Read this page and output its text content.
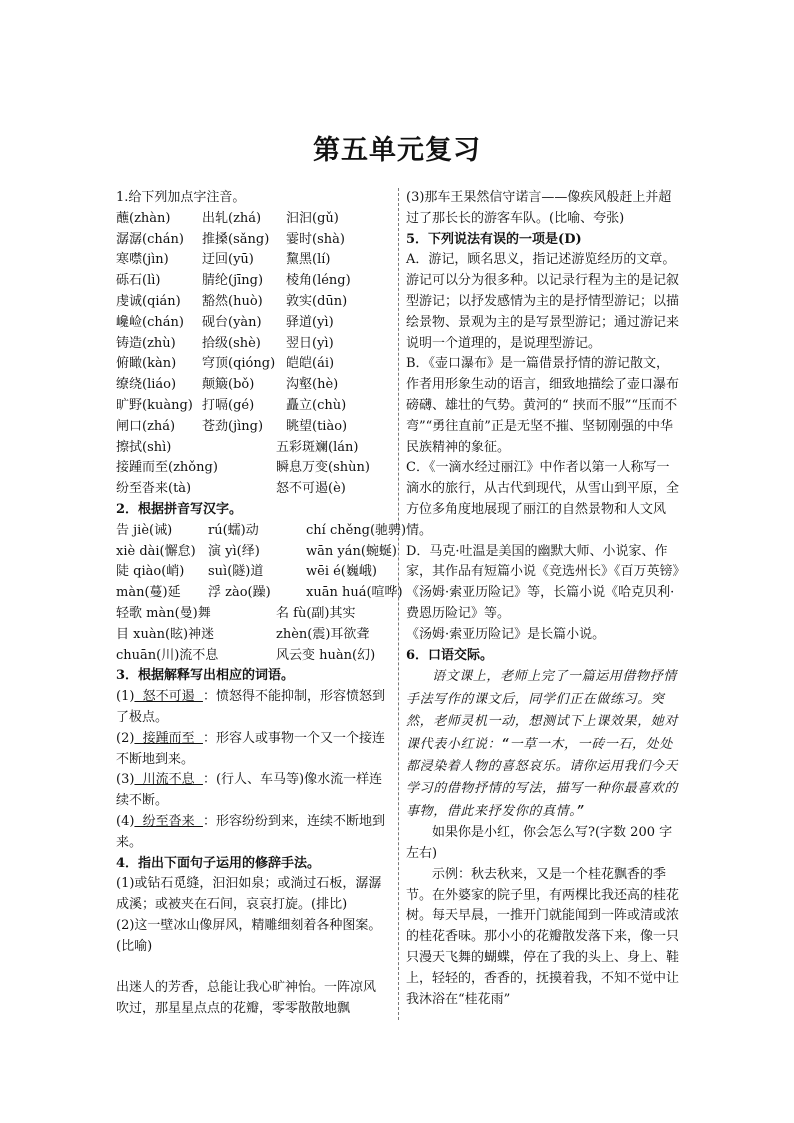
第五单元复习
1.给下列加点字注音。
蘸(zhàn) 出轧(zhá) 汩汩(gǔ)
潺潺(chán) 推搡(sǎng) 霎时(shà)
寒噤(jìn)	迂回(yū) 黧黑(lí)
砾石(lì)	腈纶(jīng) 棱角(léng)
虔诚(qián) 豁然(huò) 敦实(dūn)
巉崄(chán) 砚台(yàn) 驿道(yì)
铸造(zhù) 拾级(shè) 翌日(yì)
俯瞰(kàn) 穹顶(qióng) 皑皑(ái)
缭绕(liáo) 颠簸(bǒ) 沟壑(hè)
旷野(kuàng) 打嗝(gé) 矗立(chù)
闸口(zhá) 苍劲(jìng) 眺望(tiào)
擦拭(shì)	五彩斑斓(lán)
接踵而至(zhǒng)	瞬息万变(shùn)
纷至沓来(tà)	怒不可遏(è)
2．根据拼音写汉字。
告 jiè(诫)	rú(蠕)动	chí chěng(驰骋)
xiè dài(懈怠) 演 yì(绎)	wān yán(蜿蜒)
陡 qiào(峭) suì(隧)道	wēi é(巍峨)
màn(蔓)延 浮 zào(躁)	xuān huá(喧哗)
轻歌 màn(曼)舞	名 fù(副)其实
目 xuàn(眩)神迷	zhèn(震)耳欲聋
chuān(川)流不息	风云变 huàn(幻)
3．根据解释写出相应的词语。
(1)  怒不可遏  ：愤怒得不能抑制，形容愤怒到了极点。
(2)  接踵而至  ：形容人或事物一个又一个接连不断地到来。
(3)  川流不息  ：(行人、车马等)像水流一样连续不断。
(4)  纷至沓来  ：形容纷纷到来，连续不断地到来。
4．指出下面句子运用的修辞手法。
(1)或钻石觅缝，汩汩如泉；或淌过石板，潺潺成溪；或被夹在石间，哀哀打旋。(排比)
(2)这一壁冰山像屏风，精雕细刻着各种图案。(比喻)
出迷人的芳香，总能让我心旷神怡。一阵凉风吹过，那星星点点的花瓣，零零散散地飘
(3)那车王果然信守诺言——像疾风般赶上并超过了那长长的游客车队。(比喻、夸张)
5．下列说法有误的一项是(D)
A．游记，顾名思义，指记述游览经历的文章。游记可以分为很多种。以记录行程为主的是记叙型游记；以抒发感情为主的是抒情型游记；以描绘景物、景观为主的是写景型游记；通过游记来说明一个道理的，是说理型游记。
B．《壶口瀑布》是一篇借景抒情的游记散文，作者用形象生动的语言，细致地描绘了壶口瀑布磅礴、雄壮的气势。黄河的“ 挟而不服”“压而不弯”“勇往直前”正是无坚不摧、坚韧刚强的中华民族精神的象征。
C．《一滴水经过丽江》中作者以第一人称写一滴水的旅行，从古代到现代，从雪山到平原，全方位多角度地展现了丽江的自然景物和人文风情。
D．马克·吐温是美国的幽默大师、小说家、作家，其作品有短篇小说《竞选州长》《百万英镑》《汤姆·索亚历险记》等，长篇小说《哈克贝利·费恩历险记》等。
《汤姆·索亚历险记》是长篇小说。
6．口语交际。
语文课上，老师上完了一篇运用借物抒情手法写作的课文后，同学们正在做练习。突然，老师灵机一动，想测试下上课效果，她对课代表小红说：“一草一木，一砖一石，处处都浸染着人物的喜怒哀乐。请你运用我们今天学习的借物抒情的写法，描写一种你最喜欢的事物，借此来抒发你的真情。”
如果你是小红，你会怎么写?(字数 200 字左右)
示例：秋去秋来，又是一个桂花飘香的季节。在外婆家的院子里，有两棵比我还高的桂花树。每天早晨，一推开门就能闻到一阵或清或浓的桂花香味。那小小的花瓣散发落下来，像一只只漫天飞舞的蝴蝶，停在了我的头上、身上、鞋上，轻轻的，香香的，抚摸着我，不知不觉中让我沐浴在“桂花雨”
